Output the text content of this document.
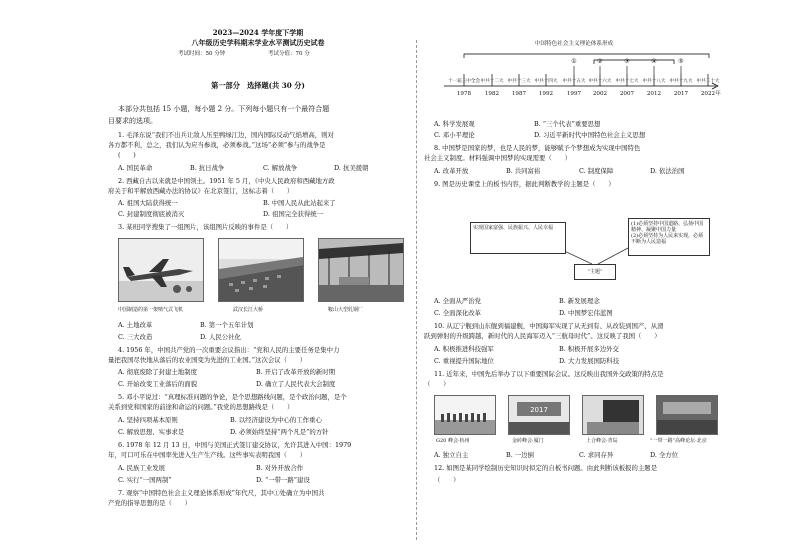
2023—2024 学年度下学期
八年级历史学科期末学业水平测试历史试卷
考试时间：50 分钟	考试分值：70 分
第一部分　选择题(共 30 分)
本部分共包括 15 小题，每小题 2 分。下列每小题只有一个最符合题
目要求的选项。
1. 毛泽东说“我们不出兵让敌人压至鸭绿江边，国内国际反动气焰增高，则对
各方都不利，总之，我们认为应当参战，必须参战。”这场“必须”参与的战争是
(　　)
A. 国民革命	B. 抗日战争	C. 解放战争	D. 抗美援朝
2. 西藏自古以来就是中国领土。1951 年 5 月，《中央人民政府和西藏地方政
府关于和平解放西藏办法的协议》在北京签订，这标志着（　　）
A. 祖国大陆获得统一	B. 中国人民从此站起来了
C. 封建制度彻底被消灭	D. 祖国完全获得统一
3. 某班同学搜集了一组图片，该组图片反映的事件是（　　）
中国制造的第一架喷气式飞机	武汉长江大桥	鞍山大型轧钢厂
A. 土地改革	B. 第一个五年计划
C. 三大改造	D. 人民公社化
4. 1956 年，中国共产党的一次重要会议指出：“党和人民的主要任务是集中力
量把我国尽快地从落后的农业国变为先进的工业国。”这次会议（　　）
A. 彻底废除了封建土地制度	B. 开启了改革开放的新时期
C. 开始改变工业落后的面貌	D. 确立了人民代表大会制度
5. 邓小平说过：“真理标准问题的争论，是个思想路线问题，是个政治问题，是个
关系到党和国家的前途和命运的问题。”我党的思想路线是（　　）
A. 坚持四项基本原则	B. 以经济建设为中心的工作重心
C. 解放思想、实事求是	D. 必须始终坚持“两个凡是”的方针
6. 1978 年 12 月 13 日，中国与美国正式签订建交协议，允许其进入中国：1979
年，可口可乐在中国率先进入生产生产线。这些事实表明我国（　　）
A. 民族工业发展	B. 对外开放合作
C. 实行“一国两制”	D. “一带一路”建设
7. 观察“中国特色社会主义理论体系形成”年代尺，其中①处确立为中国共
产党的指导思想的是（　　）
中国特色社会主义理论体系形成
①	②	③	④	⑤
十一届三中全会 中共十二大 中共十三大 中共十四大	中共十五大 中共十六大 中共十七大 中共十八大 中共十九大 中共二十大
1978	1982	1987	1992	1997	2002	2007	2012	2017	2022 年
A. 科学发展观	B. “三个代表”重要思想
C. 邓小平理论	D. 习近平新时代中国特色社会主义思想
8. 中国梦是国家的梦，也是人民的梦，能够赋予个梦想成为实现中国特色
社会主义制度。材料强调中国梦的实现需要（　　）
A. 改革开放	B. 共同富裕	C. 制度保障	D. 依法治国
9. 图是历史课堂上的板书内容，据此判断教学的主题是（　　）
实现国家富强、民族振兴、人民幸福
(1)必须坚持中国道路、弘扬中国精神、凝聚中国力量
(2)必须坚持为人民来实现，必须不断为人民造福
“主题”
A. 全面从严治党	B. 新发展理念
C. 全面深化改革	D. 中国梦宏伟蓝图
10. 从辽宁舰到山东舰到福建舰，中国海军实现了从无到有、从改装到国产、从滑
跃到弹射的升级跨越，新时代的人民海军迈入“三航母时代”。这反映了我国（　　）
A. 积极推进科技强军	B. 积极开展多边外交
C. 重视提升国际地位	D. 大力发展国防科技
11. 近年来，中国先后举办了以下重要国际会议。这反映出我国外交政策的特点是
（　　）
2017
G20 峰会·杭州	金砖峰会·厦门	上合峰会·青岛	“一带一路”高峰论坛·北京
A. 独立自主	B. 一边倒	C. 求同存异	D. 全方位
12. 如图是某同学绘制历史知识时拟定的自板书问题。由此判断该板报的主题是
（　　）
